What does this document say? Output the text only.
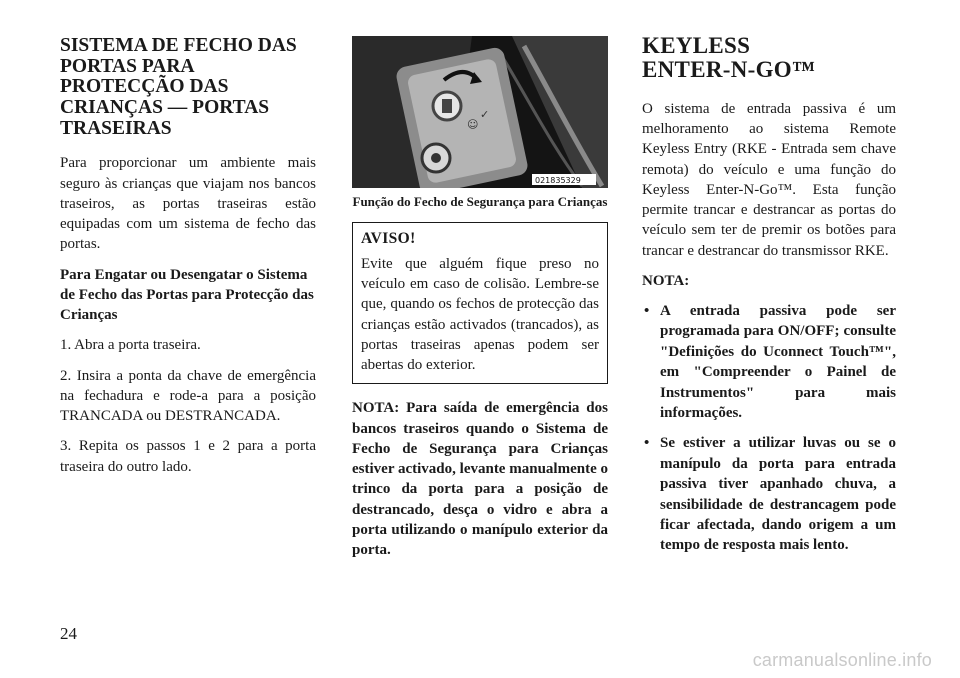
SISTEMA DE FECHO DAS PORTAS PARA PROTECÇÃO DAS CRIANÇAS — PORTAS TRASEIRAS

Para proporcionar um ambiente mais seguro às crianças que viajam nos bancos traseiros, as portas traseiras estão equipadas com um sistema de fecho das portas.

Para Engatar ou Desengatar o Sistema de Fecho das Portas para Protecção das Crianças

1. Abra a porta traseira.

2. Insira a ponta da chave de emergência na fechadura e rode-a para a posição TRANCADA ou DESTRANCADA.

3. Repita os passos 1 e 2 para a porta traseira do outro lado.

☺
✓
021835329
Função do Fecho de Segurança para Crianças
AVISO!

Evite que alguém fique preso no veículo em caso de colisão. Lembre-se que, quando os fechos de protecção das crianças estão activados (trancados), as portas traseiras apenas podem ser abertas do exterior.

NOTA: Para saída de emergência dos bancos traseiros quando o Sistema de Fecho de Segurança para Crianças estiver activado, levante manualmente o trinco da porta para a posição de destrancado, desça o vidro e abra a porta utilizando o manípulo exterior da porta.

KEYLESS
ENTER-N-GO™

O sistema de entrada passiva é um melhoramento ao sistema Remote Keyless Entry (RKE - Entrada sem chave remota) do veículo e uma função do Keyless Enter-N-Go™. Esta função permite trancar e destrancar as portas do veículo sem ter de premir os botões para trancar e destrancar do transmissor RKE.

NOTA:

• A entrada passiva pode ser programada para ON/OFF; consulte "Definições do Uconnect Touch™", em "Compreender o Painel de Instrumentos" para mais informações.
• Se estiver a utilizar luvas ou se o manípulo da porta para entrada passiva tiver apanhado chuva, a sensibilidade de destrancagem pode ficar afectada, dando origem a um tempo de resposta mais lento.
24
carmanualsonline.info
